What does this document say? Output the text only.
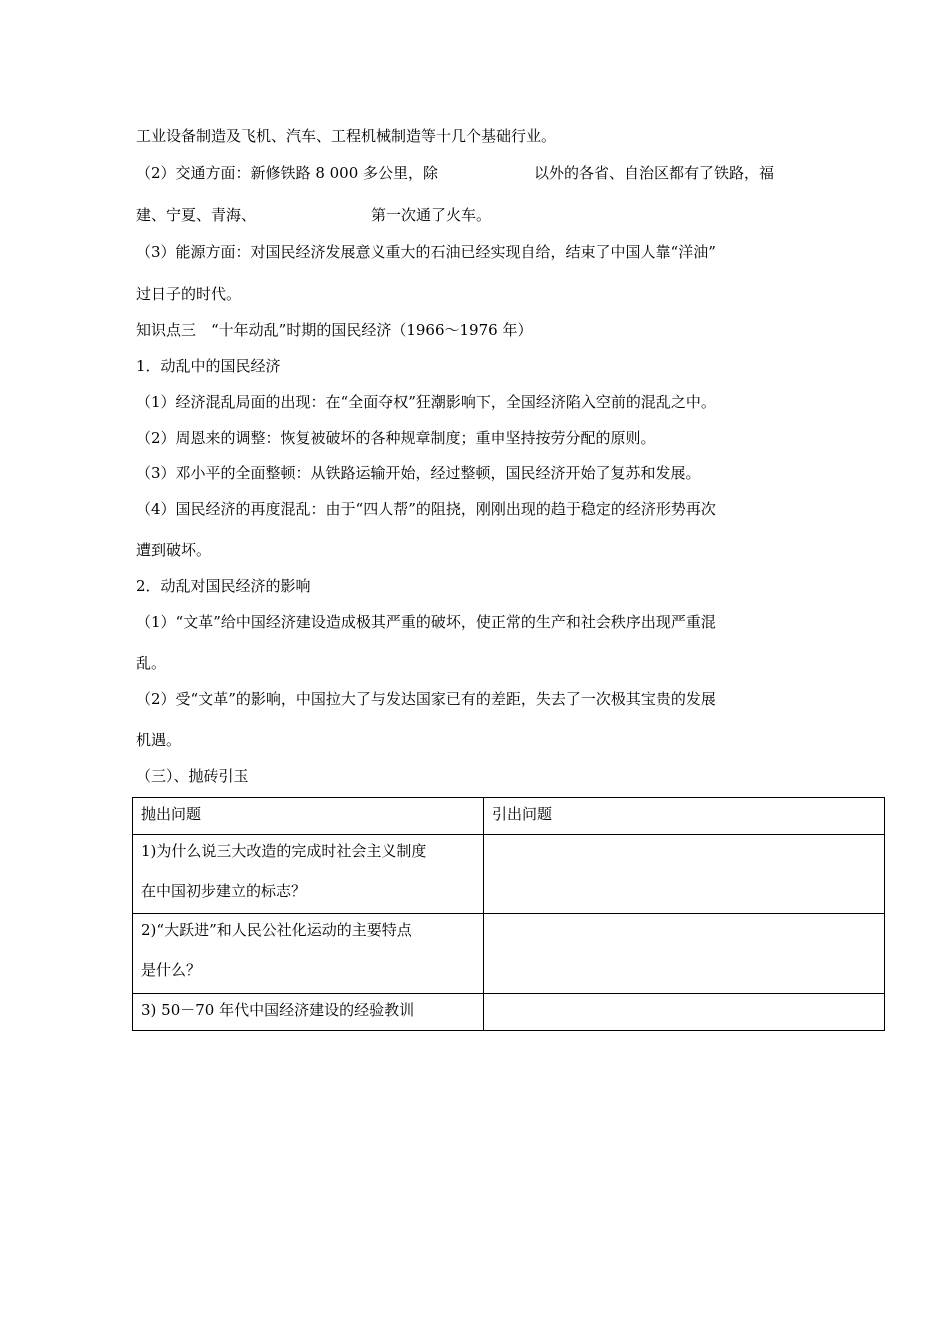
工业设备制造及飞机、汽车、工程机械制造等十几个基础行业。
（2）交通方面：新修铁路 8 000 多公里，除	以外的各省、自治区都有了铁路，福
建、宁夏、青海、	第一次通了火车。
（3）能源方面：对国民经济发展意义重大的石油已经实现自给，结束了中国人靠“洋油”
过日子的时代。
知识点三　“十年动乱”时期的国民经济（1966～1976 年）
1．动乱中的国民经济
（1）经济混乱局面的出现：在“全面夺权”狂潮影响下，全国经济陷入空前的混乱之中。
（2）周恩来的调整：恢复被破坏的各种规章制度；重申坚持按劳分配的原则。
（3）邓小平的全面整顿：从铁路运输开始，经过整顿，国民经济开始了复苏和发展。
（4）国民经济的再度混乱：由于“四人帮”的阻挠，刚刚出现的趋于稳定的经济形势再次
遭到破坏。
2．动乱对国民经济的影响
（1）“文革”给中国经济建设造成极其严重的破坏，使正常的生产和社会秩序出现严重混
乱。
（2）受“文革”的影响，中国拉大了与发达国家已有的差距，失去了一次极其宝贵的发展
机遇。
（三）、抛砖引玉
抛出问题	引出问题

1)为什么说三大改造的完成时社会主义制度
在中国初步建立的标志？	

2)“大跃进”和人民公社化运动的主要特点
是什么？	

3) 50－70 年代中国经济建设的经验教训	
